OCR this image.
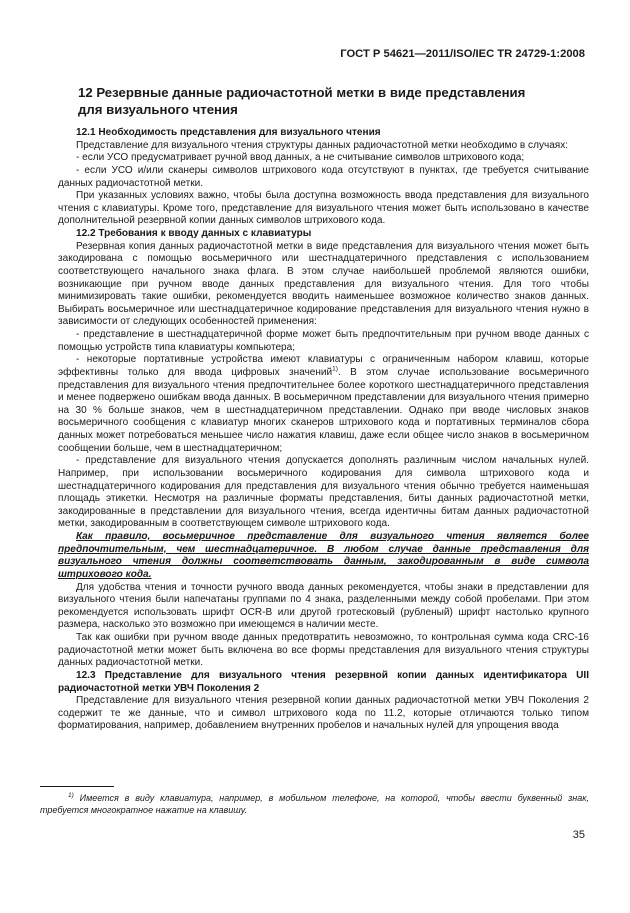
ГОСТ Р 54621—2011/ISO/IEC TR 24729-1:2008
12 Резервные данные радиочастотной метки в виде представления
для визуального чтения

12.1 Необходимость представления для визуального чтения

Представление для визуального чтения структуры данных радиочастотной метки необходимо в случаях:

- если УСО предусматривает ручной ввод данных, а не считывание символов штрихового кода;

- если УСО и/или сканеры символов штрихового кода отсутствуют в пунктах, где требуется считывание данных радиочастотной метки.

При указанных условиях важно, чтобы была доступна возможность ввода представления для визуального чтения с клавиатуры. Кроме того, представление для визуального чтения может быть использовано в качестве дополнительной резервной копии данных символов штрихового кода.

12.2 Требования к вводу данных с клавиатуры

Резервная копия данных радиочастотной метки в виде представления для визуального чтения может быть закодирована с помощью восьмеричного или шестнадцатеричного представления с использованием соответствующего начального знака флага. В этом случае наибольшей проблемой являются ошибки, возникающие при ручном вводе данных представления для визуального чтения. Для того чтобы минимизировать такие ошибки, рекомендуется вводить наименьшее возможное количество знаков данных. Выбирать восьмеричное или шестнадцатеричное кодирование представления для визуального чтения нужно в зависимости от следующих особенностей применения:

- представление в шестнадцатеричной форме может быть предпочтительным при ручном вводе данных с помощью устройств типа клавиатуры компьютера;

- некоторые портативные устройства имеют клавиатуры с ограниченным набором клавиш, которые эффективны только для ввода цифровых значений$^{1)}$. В этом случае использование восьмеричного представления для визуального чтения предпочтительнее более короткого шестнадцатеричного представления и менее подвержено ошибкам ввода данных. В восьмеричном представлении для визуального чтения примерно на 30 % больше знаков, чем в шестнадцатеричном представлении. Однако при вводе числовых знаков восьмеричного сообщения с клавиатур многих сканеров штрихового кода и портативных терминалов сбора данных может потребоваться меньшее число нажатия клавиш, даже если общее число знаков в восьмеричном сообщении больше, чем в шестнадцатеричном;

- представление для визуального чтения допускается дополнять различным числом начальных нулей. Например, при использовании восьмеричного кодирования для символа штрихового кода и шестнадцатеричного кодирования для представления для визуального чтения обычно требуется наименьшая площадь этикетки. Несмотря на различные форматы представления, биты данных радиочастотной метки, закодированные в представлении для визуального чтения, всегда идентичны битам данных радиочастотной метки, закодированным в соответствующем символе штрихового кода.

Как правило, восьмеричное представление для визуального чтения является более предпочтительным, чем шестнадцатеричное. В любом случае данные представления для визуального чтения должны соответствовать данным, закодированным в виде символа штрихового кода.

Для удобства чтения и точности ручного ввода данных рекомендуется, чтобы знаки в представлении для визуального чтения были напечатаны группами по 4 знака, разделенными между собой пробелами. При этом рекомендуется использовать шрифт OCR-B или другой гротесковый (рубленый) шрифт настолько крупного размера, насколько это возможно при имеющемся в наличии месте.

Так как ошибки при ручном вводе данных предотвратить невозможно, то контрольная сумма кода CRC-16 радиочастотной метки может быть включена во все формы представления для визуального чтения структуры данных радиочастотной метки.

12.3 Представление для визуального чтения резервной копии данных идентификатора UII радиочастотной метки УВЧ Поколения 2

Представление для визуального чтения резервной копии данных радиочастотной метки УВЧ Поколения 2 содержит те же данные, что и символ штрихового кода по 11.2, которые отличаются только типом форматирования, например, добавлением внутренних пробелов и начальных нулей для упрощения ввода

$^{1)}$ Имеется в виду клавиатура, например, в мобильном телефоне, на которой, чтобы ввести буквенный знак, требуется многократное нажатие на клавишу.
35
